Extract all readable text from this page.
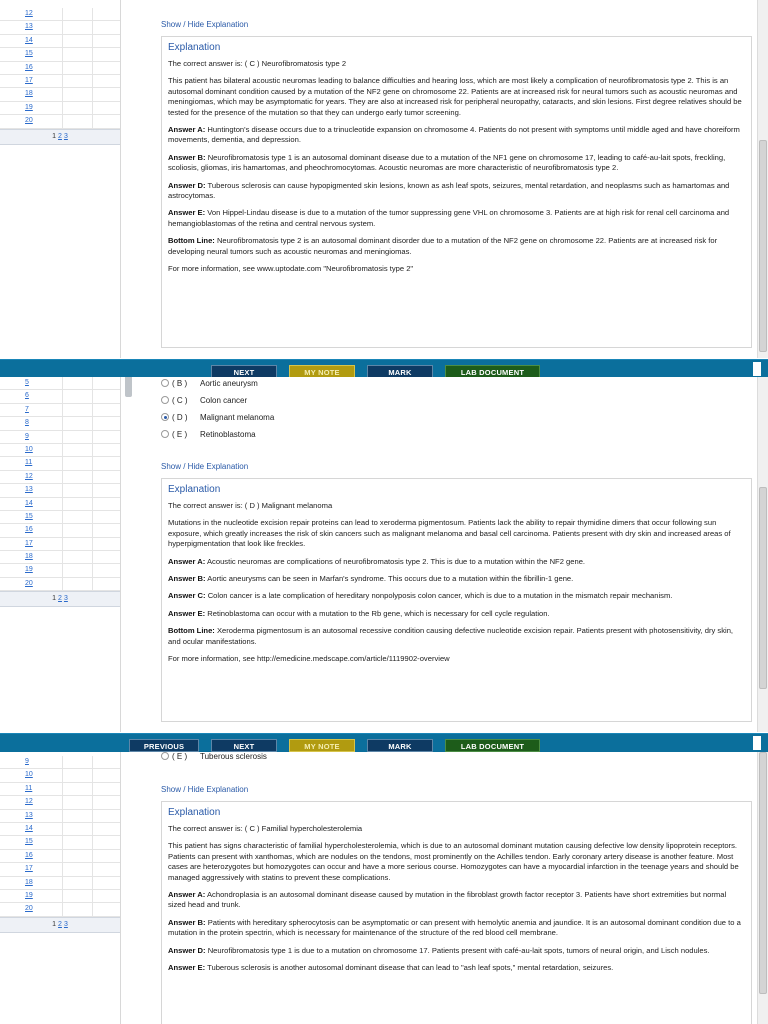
12
13
14
15
16
17
18
19
20
1 2 3
Show / Hide Explanation
Explanation

The correct answer is: ( C ) Neurofibromatosis type 2

This patient has bilateral acoustic neuromas leading to balance difficulties and hearing loss, which are most likely a complication of neurofibromatosis type 2. This is an autosomal dominant condition caused by a mutation of the NF2 gene on chromosome 22. Patients are at increased risk for neural tumors such as acoustic neuromas and meningiomas, which may be asymptomatic for years. They are also at increased risk for peripheral neuropathy, cataracts, and skin lesions. First degree relatives should be tested for the presence of the mutation so that they can undergo early tumor screening.

Answer A: Huntington's disease occurs due to a trinucleotide expansion on chromosome 4. Patients do not present with symptoms until middle aged and have choreiform movements, dementia, and depression.

Answer B: Neurofibromatosis type 1 is an autosomal dominant disease due to a mutation of the NF1 gene on chromosome 17, leading to café-au-lait spots, freckling, scoliosis, gliomas, iris hamartomas, and pheochromocytomas. Acoustic neuromas are more characteristic of neurofibromatosis type 2.

Answer D: Tuberous sclerosis can cause hypopigmented skin lesions, known as ash leaf spots, seizures, mental retardation, and neoplasms such as hamartomas and astrocytomas.

Answer E: Von Hippel-Lindau disease is due to a mutation of the tumor suppressing gene VHL on chromosome 3. Patients are at high risk for renal cell carcinoma and hemangioblastomas of the retina and central nervous system.

Bottom Line: Neurofibromatosis type 2 is an autosomal dominant disorder due to a mutation of the NF2 gene on chromosome 22. Patients are at increased risk for developing neural tumors such as acoustic neuromas and meningiomas.

For more information, see www.uptodate.com "Neurofibromatosis type 2"

NEXT	MY NOTE	MARK	LAB DOCUMENT
5
6
7
8
9
10
11
12
13
14
15
16
17
18
19
20
1 2 3
( B ) Aortic aneurysm
( C ) Colon cancer
( D ) Malignant melanoma
( E ) Retinoblastoma
Show / Hide Explanation
Explanation

The correct answer is: ( D ) Malignant melanoma

Mutations in the nucleotide excision repair proteins can lead to xeroderma pigmentosum. Patients lack the ability to repair thymidine dimers that occur following sun exposure, which greatly increases the risk of skin cancers such as malignant melanoma and basal cell carcinoma. Patients present with dry skin and increased areas of hyperpigmentation that look like freckles.

Answer A: Acoustic neuromas are complications of neurofibromatosis type 2. This is due to a mutation within the NF2 gene.

Answer B: Aortic aneurysms can be seen in Marfan's syndrome. This occurs due to a mutation within the fibrillin-1 gene.

Answer C: Colon cancer is a late complication of hereditary nonpolyposis colon cancer, which is due to a mutation in the mismatch repair mechanism.

Answer E: Retinoblastoma can occur with a mutation to the Rb gene, which is necessary for cell cycle regulation.

Bottom Line: Xeroderma pigmentosum is an autosomal recessive condition causing defective nucleotide excision repair. Patients present with photosensitivity, dry skin, and ocular manifestations.

For more information, see http://emedicine.medscape.com/article/1119902-overview

PREVIOUS	NEXT	MY NOTE	MARK	LAB DOCUMENT
9
10
11
12
13
14
15
16
17
18
19
20
1 2 3
( E ) Tuberous sclerosis
Show / Hide Explanation
Explanation

The correct answer is: ( C ) Familial hypercholesterolemia

This patient has signs characteristic of familial hypercholesterolemia, which is due to an autosomal dominant mutation causing defective low density lipoprotein receptors. Patients can present with xanthomas, which are nodules on the tendons, most prominently on the Achilles tendon. Early coronary artery disease is another feature. Most cases are heterozygotes but homozygotes can occur and have a more serious course. Homozygotes can have a myocardial infarction in the teenage years and should be managed aggressively with statins to prevent these complications.

Answer A: Achondroplasia is an autosomal dominant disease caused by mutation in the fibroblast growth factor receptor 3. Patients have short extremities but normal sized head and trunk.

Answer B: Patients with hereditary spherocytosis can be asymptomatic or can present with hemolytic anemia and jaundice. It is an autosomal dominant condition due to a mutation in the protein spectrin, which is necessary for maintenance of the structure of the red blood cell membrane.

Answer D: Neurofibromatosis type 1 is due to a mutation on chromosome 17. Patients present with café-au-lait spots, tumors of neural origin, and Lisch nodules.

Answer E: Tuberous sclerosis is another autosomal dominant disease that can lead to "ash leaf spots," mental retardation, seizures.
